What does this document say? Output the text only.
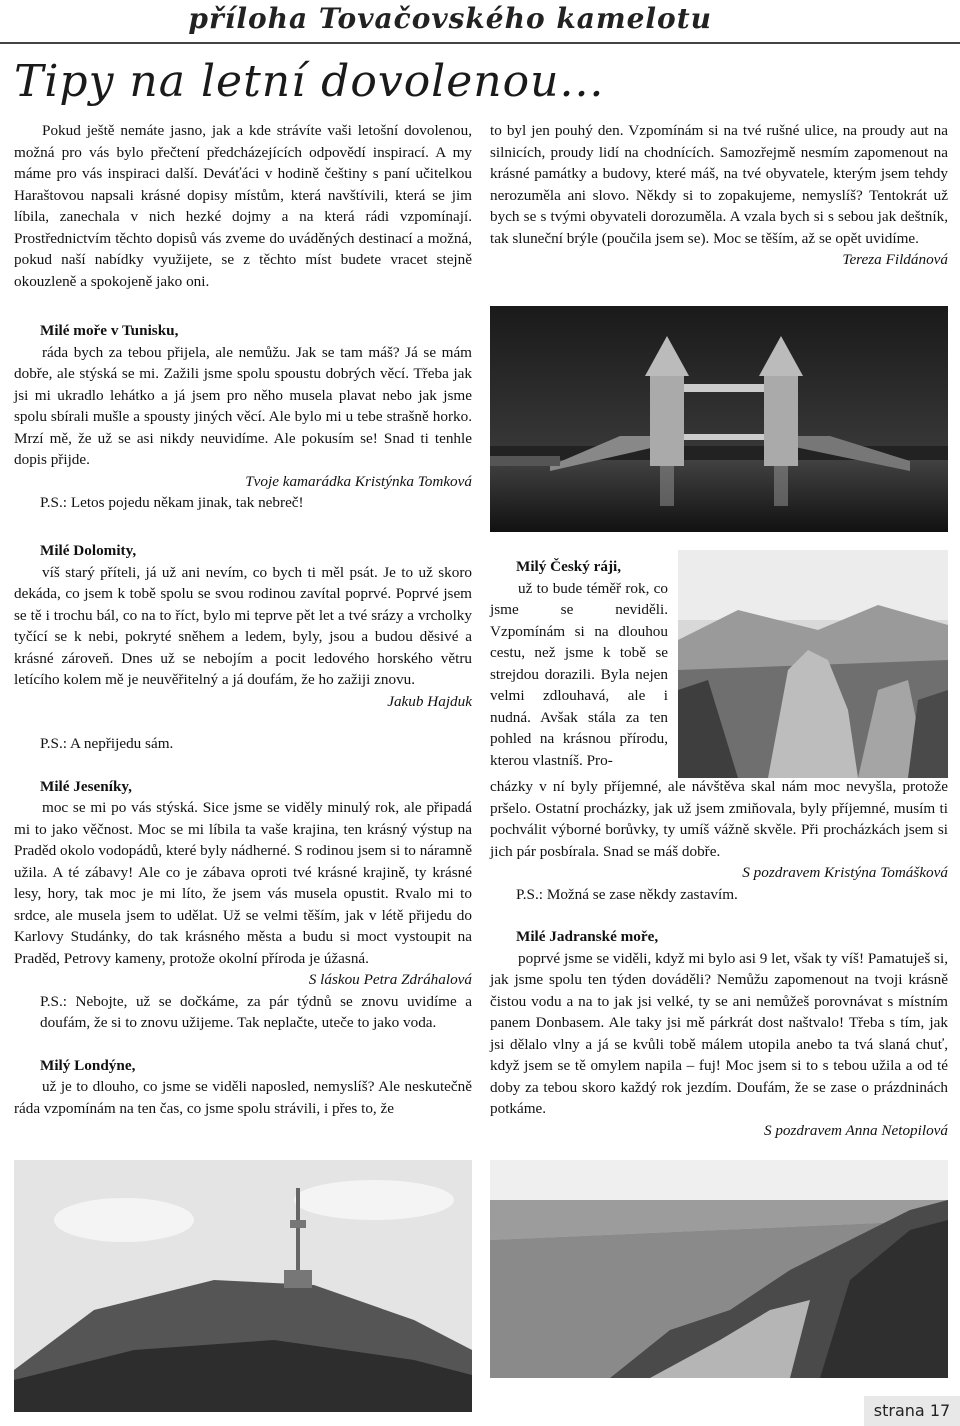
příloha Tovačovského kamelotu
Tipy na letní dovolenou...

Pokud ještě nemáte jasno, jak a kde strávíte vaši letošní dovolenou, možná pro vás bylo přečtení předcházejících odpovědí inspirací. A my máme pro vás inspiraci další. Deváťáci v hodině češtiny s paní učitelkou Haraštovou napsali krásné dopisy místům, která navštívili, která se jim líbila, zanechala v nich hezké dojmy a na která rádi vzpomínají. Prostřednictvím těchto dopisů vás zveme do uváděných destinací a možná, pokud naší nabídky využijete, se z těchto míst budete vracet stejně okouzleně a spokojeně jako oni.

Milé moře v Tunisku,

ráda bych za tebou přijela, ale nemůžu. Jak se tam máš? Já se mám dobře, ale stýská se mi. Zažili jsme spolu spoustu dobrých věcí. Třeba jak jsi mi ukradlo lehátko a já jsem pro něho musela plavat nebo jak jsme spolu sbírali mušle a spousty jiných věcí. Ale bylo mi u tebe strašně horko. Mrzí mě, že už se asi nikdy neuvidíme. Ale pokusím se! Snad ti tenhle dopis přijde.

Tvoje kamarádka Kristýnka Tomková

P.S.: Letos pojedu někam jinak, tak nebreč!

to byl jen pouhý den. Vzpomínám si na tvé rušné ulice, na proudy aut na silnicích, proudy lidí na chodnících. Samozřejmě nesmím zapomenout na krásné památky a budovy, které máš, na tvé obyvatele, kterým jsem tehdy nerozuměla ani slovo. Někdy si to zopakujeme, nemyslíš? Tentokrát už bych se s tvými obyvateli dorozuměla. A vzala bych si s sebou jak deštník, tak sluneční brýle (poučila jsem se). Moc se těším, až se opět uvidíme.

Tereza Fildánová

Milé Dolomity,

víš starý příteli, já už ani nevím, co bych ti měl psát. Je to už skoro dekáda, co jsem k tobě spolu se svou rodinou zavítal poprvé. Poprvé jsem se tě i trochu bál, co na to říct, bylo mi teprve pět let a tvé srázy a vrcholky tyčící se k nebi, pokryté sněhem a ledem, byly, jsou a budou děsivé a krásné zároveň. Dnes už se nebojím a pocit ledového horského větru letícího kolem mě je neuvěřitelný a já doufám, že ho zažiji znovu.

Jakub Hajduk

P.S.: A nepřijedu sám.

Milé Jeseníky,

moc se mi po vás stýská. Sice jsme se viděly minulý rok, ale připadá mi to jako věčnost. Moc se mi líbila ta vaše krajina, ten krásný výstup na Praděd okolo vodopádů, které byly nádherné. S rodinou jsem si to náramně užila. A té zábavy! Ale co je zábava oproti tvé krásné krajině, ty krásné lesy, hory, tak moc je mi líto, že jsem vás musela opustit. Rvalo mi to srdce, ale musela jsem to udělat. Už se velmi těším, jak v létě přijedu do Karlovy Studánky, do tak krásného města a budu si moct vystoupit na Praděd, Petrovy kameny, protože okolní příroda je úžasná.

S láskou Petra Zdráhalová

P.S.: Nebojte, už se dočkáme, za pár týdnů se znovu uvidíme a doufám, že si to znovu užijeme. Tak neplačte, uteče to jako voda.

Milý Londýne,

už je to dlouho, co jsme se viděli naposled, nemyslíš? Ale neskutečně ráda vzpomínám na ten čas, co jsme spolu strávili, i přes to, že

Milý Český ráji,

už to bude téměř rok, co jsme se neviděli. Vzpomínám si na dlouhou cestu, než jsme k tobě se strejdou dorazili. Byla nejen velmi zdlouhavá, ale i nudná. Avšak stála za ten pohled na krásnou přírodu, kterou vlastníš. Pro-

cházky v ní byly příjemné, ale návštěva skal nám moc nevyšla, protože pršelo. Ostatní procházky, jak už jsem zmiňovala, byly příjemné, musím ti pochválit výborné borůvky, ty umíš vážně skvěle. Při procházkách jsem si jich pár posbírala. Snad se máš dobře.

S pozdravem Kristýna Tomášková

P.S.: Možná se zase někdy zastavím.

Milé Jadranské moře,

poprvé jsme se viděli, když mi bylo asi 9 let, však ty víš! Pamatuješ si, jak jsme spolu ten týden dováděli? Nemůžu zapomenout na tvoji krásně čistou vodu a na to jak jsi velké, ty se ani nemůžeš porovnávat s místním panem Donbasem. Ale taky jsi mě párkrát dost naštvalo! Třeba s tím, jak jsi dělalo vlny a já se kvůli tobě málem utopila anebo ta tvá slaná chuť, když jsem se tě omylem napila – fuj! Moc jsem si to s tebou užila a od té doby za tebou skoro každý rok jezdím. Doufám, že se zase o prázdninách potkáme.

S pozdravem Anna Netopilová

strana 17
